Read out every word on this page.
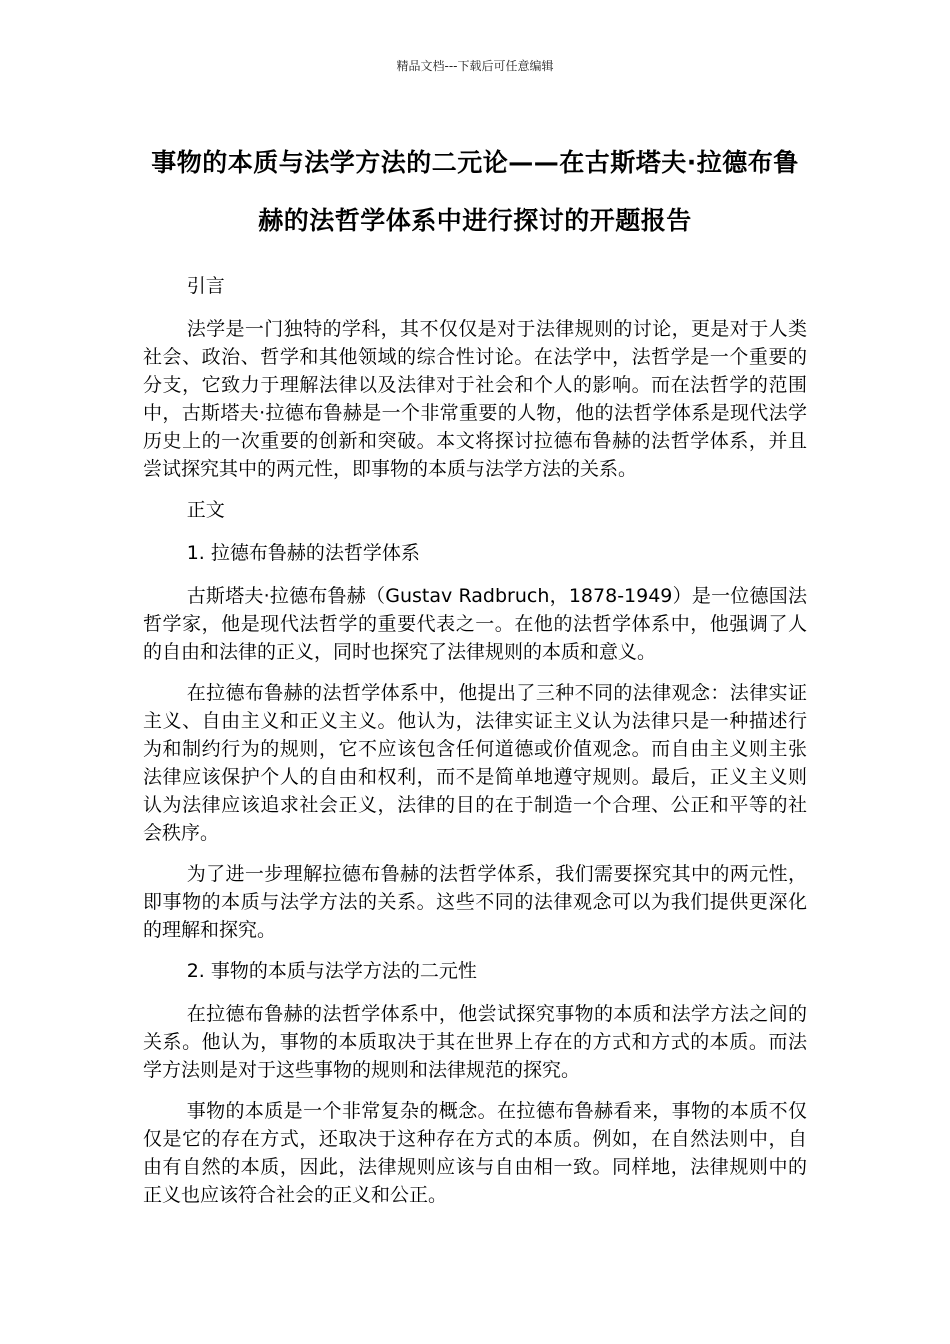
精品文档---下载后可任意编辑
事物的本质与法学方法的二元论——在古斯塔夫·拉德布鲁赫的法哲学体系中进行探讨的开题报告

引言

法学是一门独特的学科，其不仅仅是对于法律规则的讨论，更是对于人类社会、政治、哲学和其他领域的综合性讨论。在法学中，法哲学是一个重要的分支，它致力于理解法律以及法律对于社会和个人的影响。而在法哲学的范围中，古斯塔夫·拉德布鲁赫是一个非常重要的人物，他的法哲学体系是现代法学历史上的一次重要的创新和突破。本文将探讨拉德布鲁赫的法哲学体系，并且尝试探究其中的两元性，即事物的本质与法学方法的关系。

正文

1. 拉德布鲁赫的法哲学体系

古斯塔夫·拉德布鲁赫（Gustav Radbruch，1878-1949）是一位德国法哲学家，他是现代法哲学的重要代表之一。在他的法哲学体系中，他强调了人的自由和法律的正义，同时也探究了法律规则的本质和意义。

在拉德布鲁赫的法哲学体系中，他提出了三种不同的法律观念：法律实证主义、自由主义和正义主义。他认为，法律实证主义认为法律只是一种描述行为和制约行为的规则，它不应该包含任何道德或价值观念。而自由主义则主张法律应该保护个人的自由和权利，而不是简单地遵守规则。最后，正义主义则认为法律应该追求社会正义，法律的目的在于制造一个合理、公正和平等的社会秩序。

为了进一步理解拉德布鲁赫的法哲学体系，我们需要探究其中的两元性，即事物的本质与法学方法的关系。这些不同的法律观念可以为我们提供更深化的理解和探究。

2. 事物的本质与法学方法的二元性

在拉德布鲁赫的法哲学体系中，他尝试探究事物的本质和法学方法之间的关系。他认为，事物的本质取决于其在世界上存在的方式和方式的本质。而法学方法则是对于这些事物的规则和法律规范的探究。

事物的本质是一个非常复杂的概念。在拉德布鲁赫看来，事物的本质不仅仅是它的存在方式，还取决于这种存在方式的本质。例如，在自然法则中，自由有自然的本质，因此，法律规则应该与自由相一致。同样地，法律规则中的正义也应该符合社会的正义和公正。
